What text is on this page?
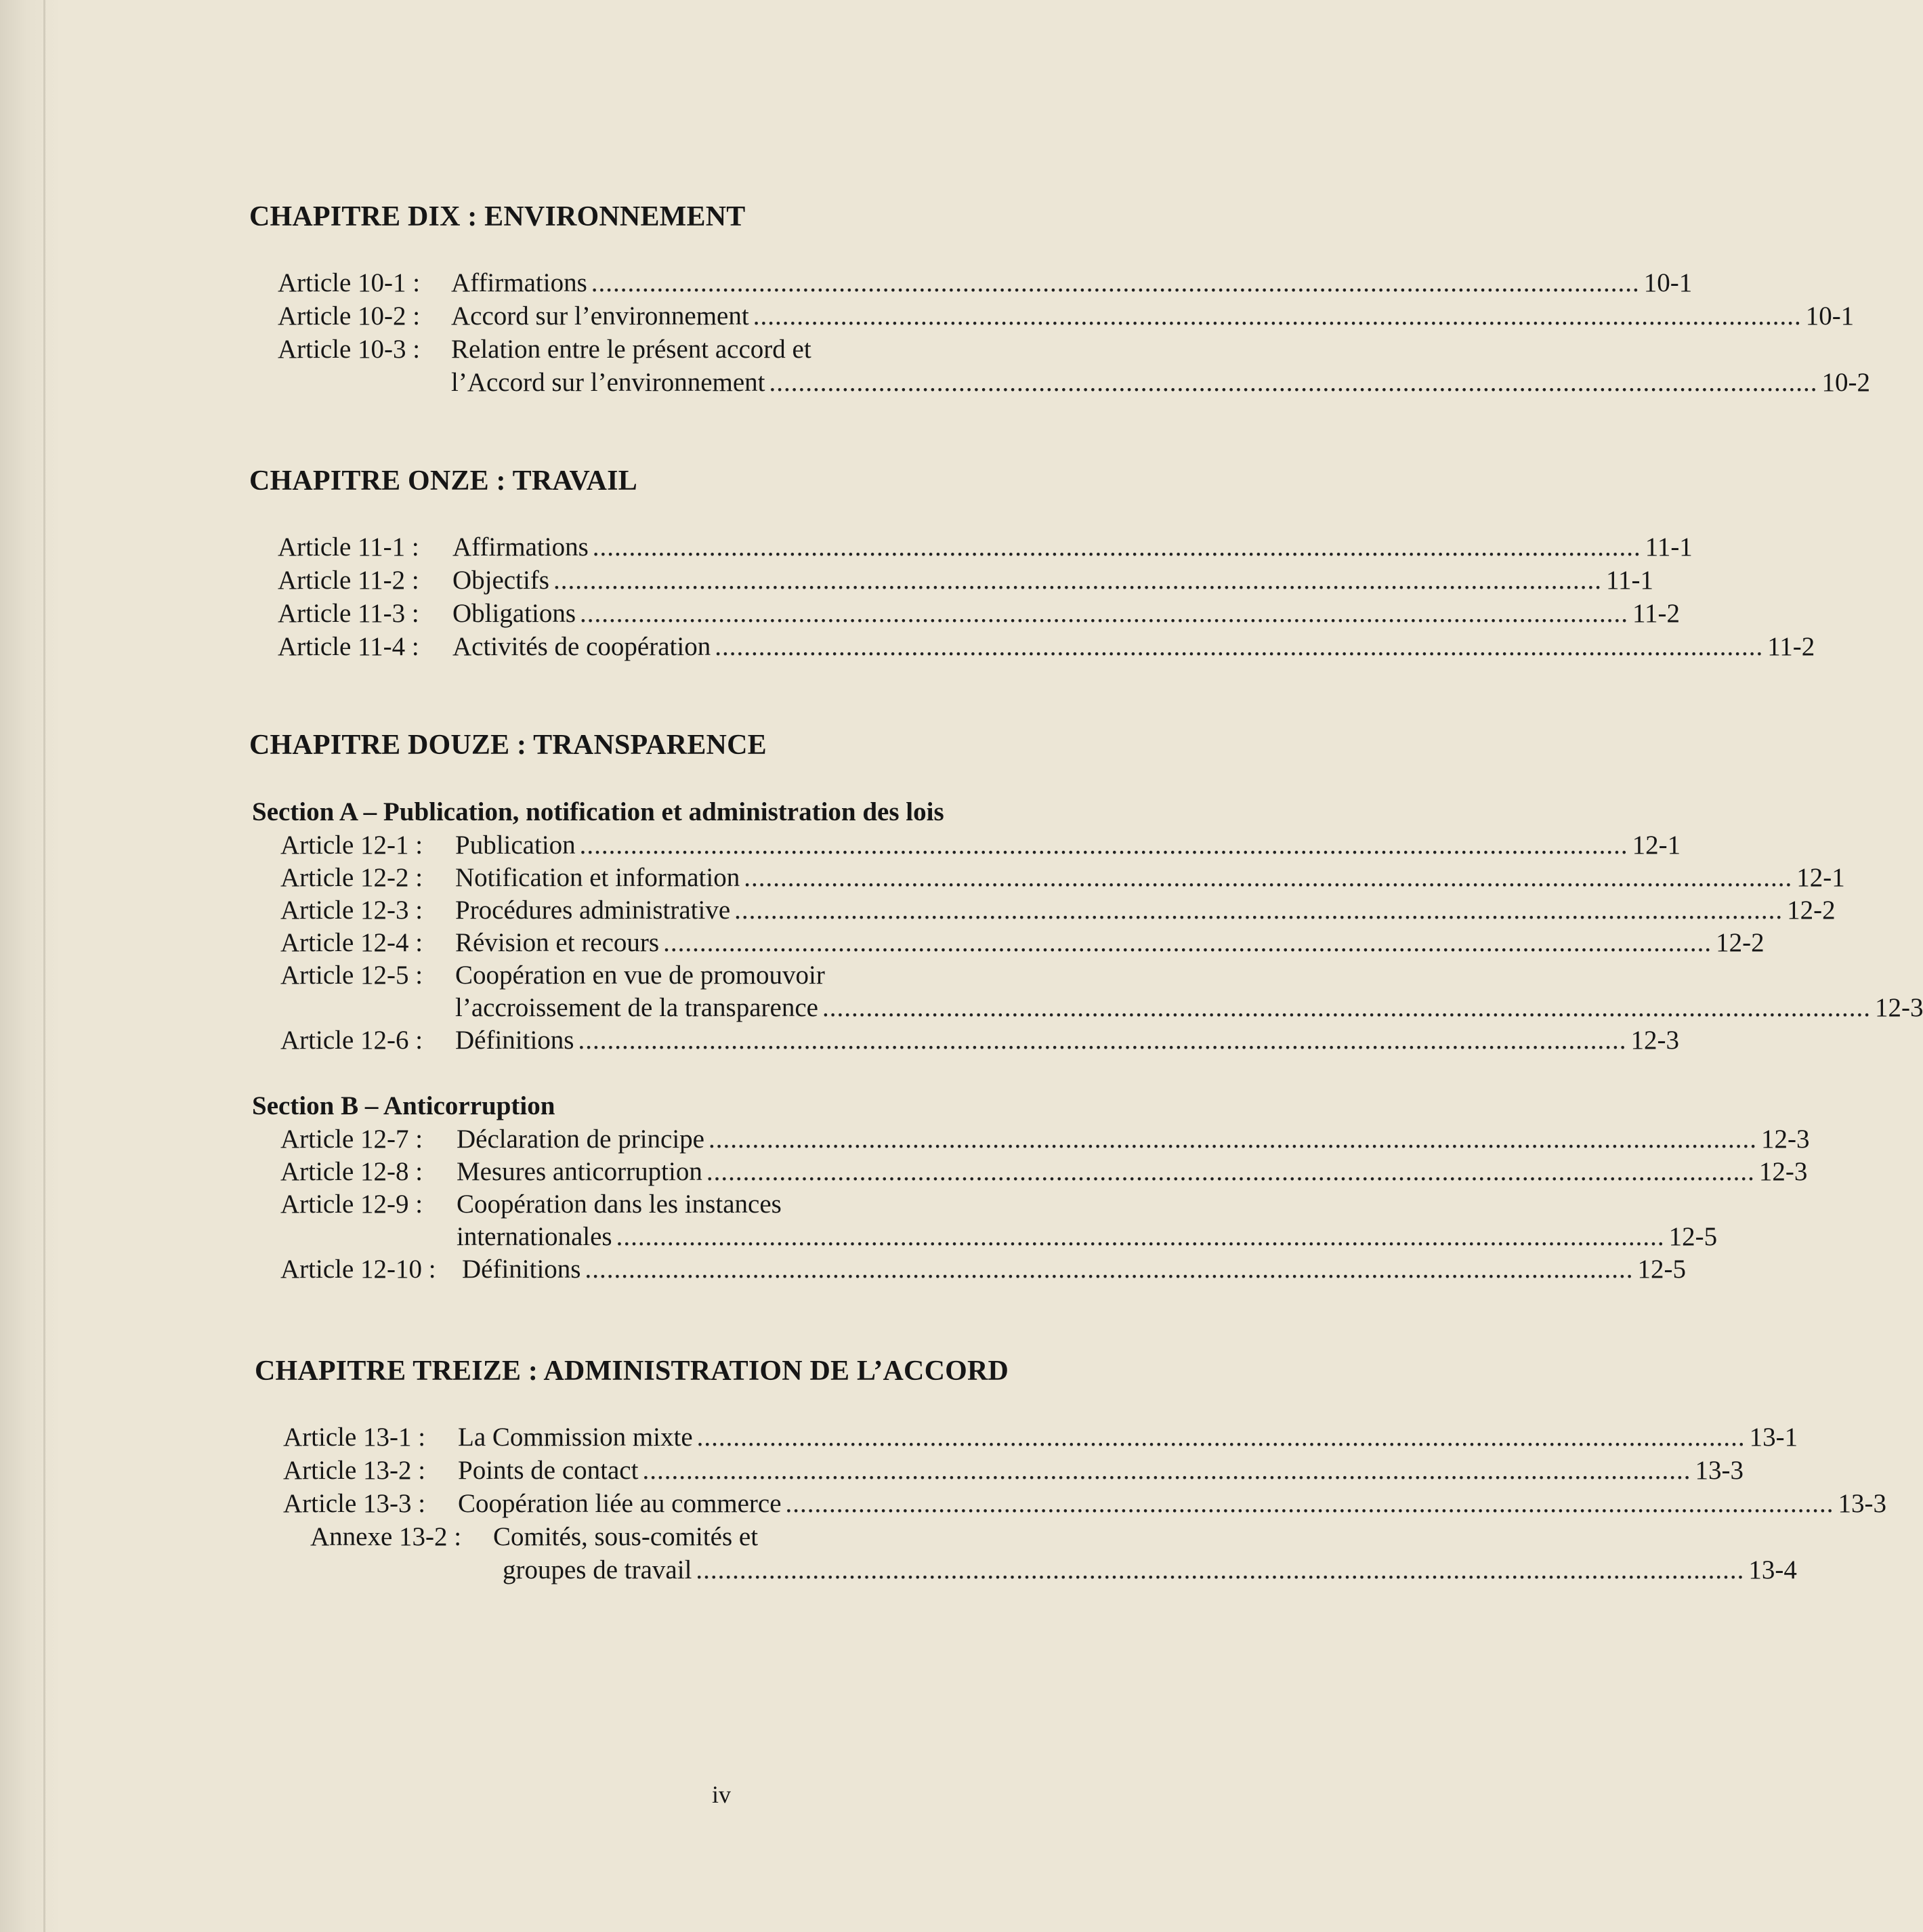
CHAPITRE DIX : ENVIRONNEMENT
Article 10-1 : Affirmations ................................................................................................................................................ 10-1
Article 10-2 : Accord sur l’environnement ................................................................................................................................................ 10-1
Article 10-3 : Relation entre le présent accord et
l’Accord sur l’environnement ................................................................................................................................................ 10-2
CHAPITRE ONZE : TRAVAIL
Article 11-1 : Affirmations ................................................................................................................................................ 11-1
Article 11-2 : Objectifs ................................................................................................................................................ 11-1
Article 11-3 : Obligations ................................................................................................................................................ 11-2
Article 11-4 : Activités de coopération ................................................................................................................................................ 11-2
CHAPITRE DOUZE : TRANSPARENCE
Section A – Publication, notification et administration des lois
Article 12-1 : Publication ................................................................................................................................................ 12-1
Article 12-2 : Notification et information ................................................................................................................................................ 12-1
Article 12-3 : Procédures administrative ................................................................................................................................................ 12-2
Article 12-4 : Révision et recours ................................................................................................................................................ 12-2
Article 12-5 : Coopération en vue de promouvoir
l’accroissement de la transparence ................................................................................................................................................ 12-3
Article 12-6 : Définitions ................................................................................................................................................ 12-3
Section B – Anticorruption
Article 12-7 : Déclaration de principe ................................................................................................................................................ 12-3
Article 12-8 : Mesures anticorruption ................................................................................................................................................ 12-3
Article 12-9 : Coopération dans les instances
internationales ................................................................................................................................................ 12-5
Article 12-10 : Définitions ................................................................................................................................................ 12-5
CHAPITRE TREIZE : ADMINISTRATION DE L’ACCORD
Article 13-1 : La Commission mixte ................................................................................................................................................ 13-1
Article 13-2 : Points de contact ................................................................................................................................................ 13-3
Article 13-3 : Coopération liée au commerce ................................................................................................................................................ 13-3
Annexe 13-2 : Comités, sous-comités et
groupes de travail ................................................................................................................................................ 13-4
iv
